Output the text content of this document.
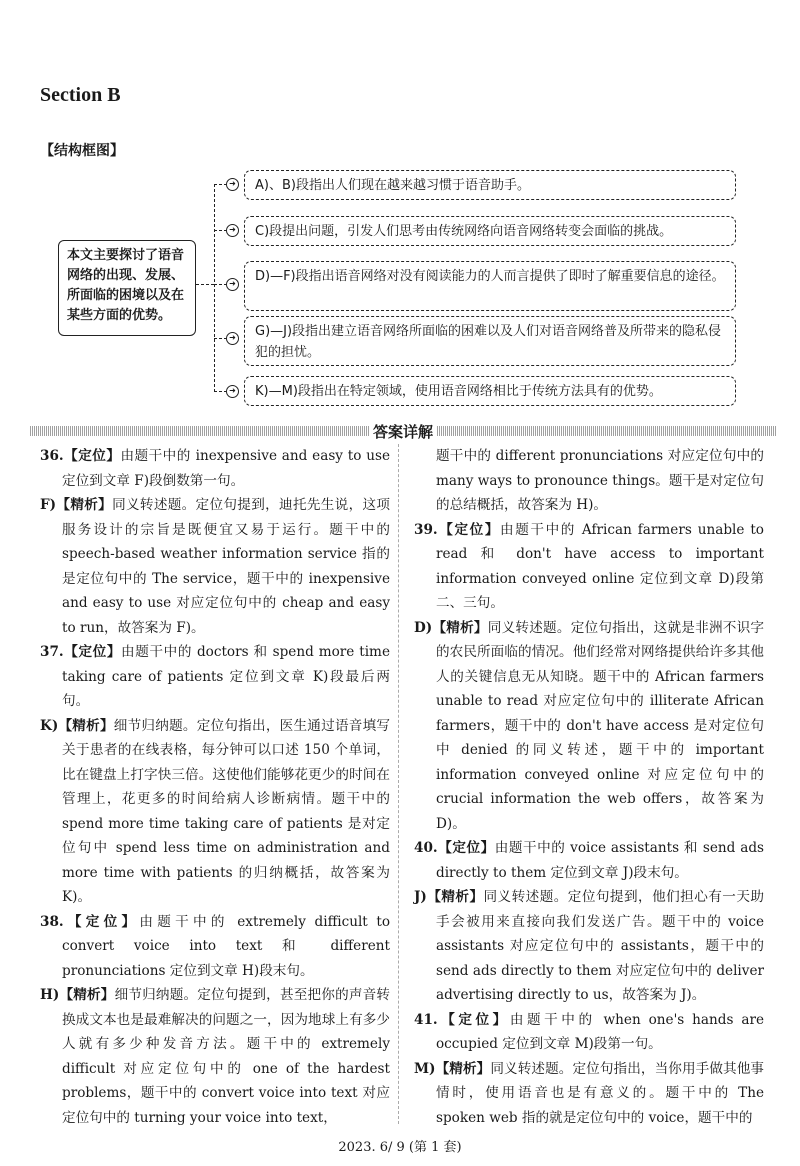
Section B
【结构框图】
本文主要探讨了语音网络的出现、发展、所面临的困境以及在某些方面的优势。
➜	A)、B)段指出人们现在越来越习惯于语音助手。
➜	C)段提出问题，引发人们思考由传统网络向语音网络转变会面临的挑战。
➜	D)—F)段指出语音网络对没有阅读能力的人而言提供了即时了解重要信息的途径。
➜	G)—J)段指出建立语音网络所面临的困难以及人们对语音网络普及所带来的隐私侵犯的担忧。
➜	K)—M)段指出在特定领域，使用语音网络相比于传统方法具有的优势。
答案详解

36.【定位】由题干中的 inexpensive and easy to use 定位到文章 F)段倒数第一句。

F)【精析】同义转述题。定位句提到，迪托先生说，这项服务设计的宗旨是既便宜又易于运行。题干中的 speech-based weather information service 指的是定位句中的 The service，题干中的 inexpensive and easy to use 对应定位句中的 cheap and easy to run，故答案为 F)。

37.【定位】由题干中的 doctors 和 spend more time taking care of patients 定位到文章 K)段最后两句。

K)【精析】细节归纳题。定位句指出，医生通过语音填写关于患者的在线表格，每分钟可以口述 150 个单词，比在键盘上打字快三倍。这使他们能够花更少的时间在管理上，花更多的时间给病人诊断病情。题干中的 spend more time taking care of patients 是对定位句中 spend less time on administration and more time with patients 的归纳概括，故答案为 K)。

38.【定位】由题干中的 extremely difficult to convert voice into text 和 different pronunciations 定位到文章 H)段末句。

H)【精析】细节归纳题。定位句提到，甚至把你的声音转换成文本也是最难解决的问题之一，因为地球上有多少人就有多少种发音方法。题干中的 extremely difficult 对应定位句中的 one of the hardest problems，题干中的 convert voice into text 对应定位句中的 turning your voice into text，

题干中的 different pronunciations 对应定位句中的 many ways to pronounce things。题干是对定位句的总结概括，故答案为 H)。

39.【定位】由题干中的 African farmers unable to read 和 don't have access to important information conveyed online 定位到文章 D)段第二、三句。

D)【精析】同义转述题。定位句指出，这就是非洲不识字的农民所面临的情况。他们经常对网络提供给许多其他人的关键信息无从知晓。题干中的 African farmers unable to read 对应定位句中的 illiterate African farmers，题干中的 don't have access 是对定位句中 denied 的同义转述，题干中的 important information conveyed online 对应定位句中的 crucial information the web offers，故答案为 D)。

40.【定位】由题干中的 voice assistants 和 send ads directly to them 定位到文章 J)段末句。

J)【精析】同义转述题。定位句提到，他们担心有一天助手会被用来直接向我们发送广告。题干中的 voice assistants 对应定位句中的 assistants，题干中的 send ads directly to them 对应定位句中的 deliver advertising directly to us，故答案为 J)。

41.【定位】由题干中的 when one's hands are occupied 定位到文章 M)段第一句。

M)【精析】同义转述题。定位句指出，当你用手做其他事情时，使用语音也是有意义的。题干中的 The spoken web 指的就是定位句中的 voice，题干中的

2023. 6/ 9 (第 1 套)
